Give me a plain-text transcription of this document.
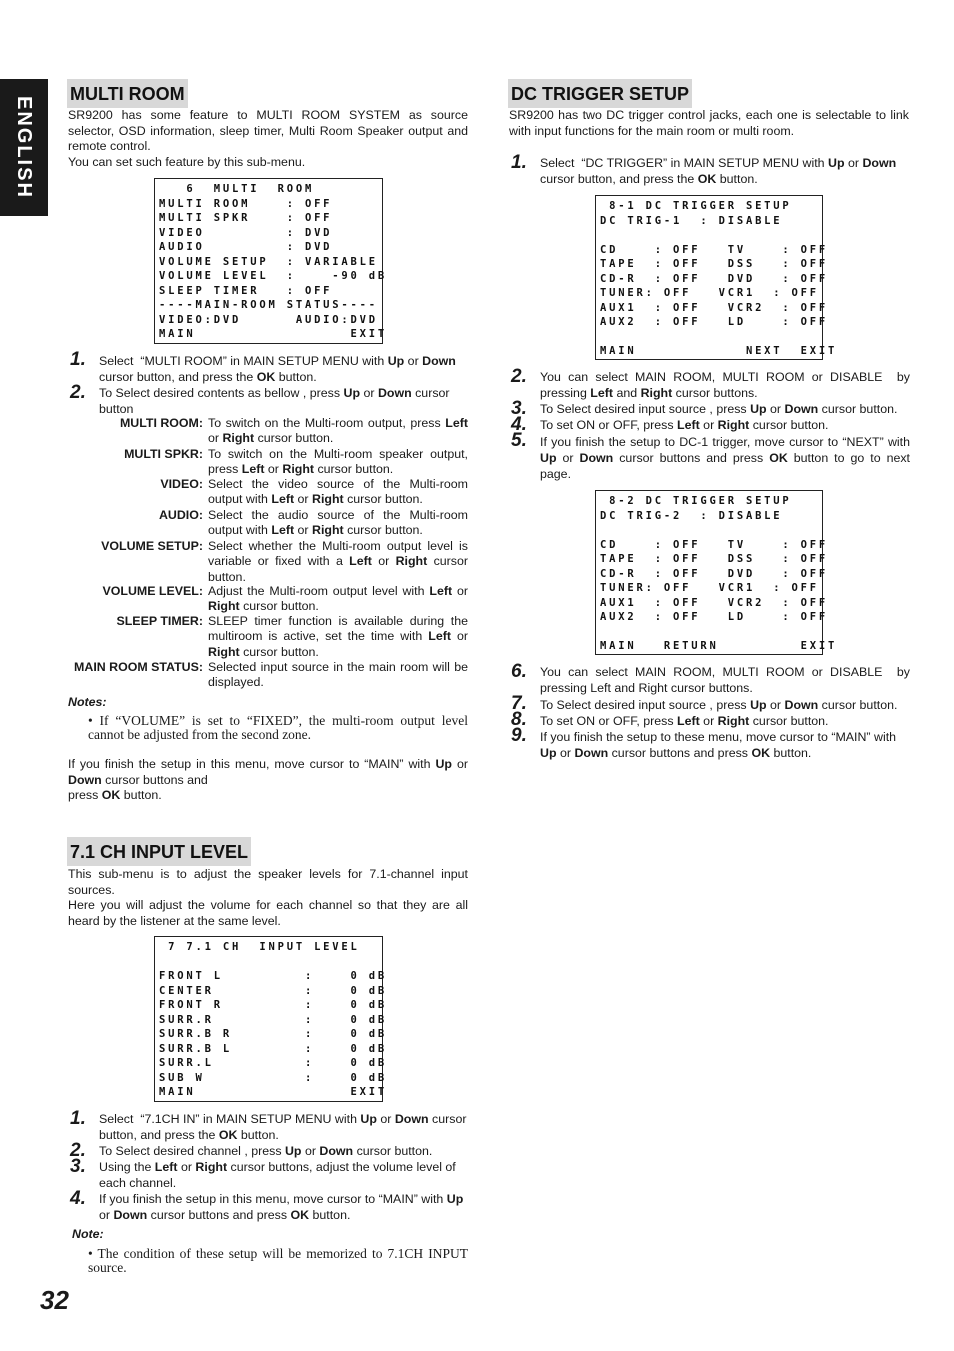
ENGLISH
MULTI ROOM
SR9200 has some feature to MULTI ROOM SYSTEM as source selector, OSD information, sleep timer, Multi Room Speaker output and remote control.
You can set such feature by this sub-menu.
6  MULTI  ROOM
MULTI ROOM    : OFF
MULTI SPKR    : OFF
VIDEO         : DVD
AUDIO         : DVD
VOLUME SETUP  : VARIABLE
VOLUME LEVEL  :    -90 dB
SLEEP TIMER   : OFF
----MAIN-ROOM STATUS----
VIDEO:DVD      AUDIO:DVD
MAIN                 EXIT
1. Select  “MULTI ROOM” in MAIN SETUP MENU with Up or Down cursor button, and press the OK button.
2. To Select desired contents as bellow , press Up or Down cursor button
MULTI ROOM: To switch on the Multi-room output, press Left or Right cursor button.
MULTI SPKR: To switch on the Multi-room speaker output, press Left or Right cursor button.
VIDEO: Select the video source of the Multi-room output with Left or Right cursor button.
AUDIO: Select the audio source of the Multi-room output with Left or Right cursor button.
VOLUME SETUP: Select whether the Multi-room output level is variable or fixed with a Left or Right cursor button.
VOLUME LEVEL: Adjust the Multi-room output level with Left or Right cursor button.
SLEEP TIMER: SLEEP timer function is available during the multiroom is active, set the time with Left or Right cursor button.
MAIN ROOM STATUS: Selected input source in the main room will be displayed.
Notes:
• If “VOLUME” is set to “FIXED”, the multi-room output level cannot be adjusted from the second zone.
If you finish the setup in this menu, move cursor to “MAIN” with Up or Down cursor buttons and
press OK button.
7.1 CH INPUT LEVEL
This sub-menu is to adjust the speaker levels for 7.1-channel input sources.
Here you will adjust the volume for each channel so that they are all heard by the listener at the same level.
7 7.1 CH  INPUT LEVEL
FRONT L         :    0 dB
CENTER          :    0 dB
FRONT R         :    0 dB
SURR.R          :    0 dB
SURR.B R        :    0 dB
SURR.B L        :    0 dB
SURR.L          :    0 dB
SUB W           :    0 dB
MAIN                 EXIT
1. Select  “7.1CH IN” in MAIN SETUP MENU with Up or Down cursor button, and press the OK button.
2. To Select desired channel , press Up or Down cursor button.
3. Using the Left or Right cursor buttons, adjust the volume level of each channel.
4. If you finish the setup in this menu, move cursor to “MAIN” with Up or Down cursor buttons and press OK button.
Note:
• The condition of these setup will be memorized to 7.1CH INPUT source.
32
DC TRIGGER SETUP
SR9200 has two DC trigger control jacks, each one is selectable to link with input functions for the main room or multi room.
1. Select  “DC TRIGGER” in MAIN SETUP MENU with Up or Down cursor button, and press the OK button.
8-1 DC TRIGGER SETUP
DC TRIG-1  : DISABLE
CD    : OFF   TV    : OFF
TAPE  : OFF   DSS   : OFF
CD-R  : OFF   DVD   : OFF
TUNER: OFF   VCR1  : OFF
AUX1  : OFF   VCR2  : OFF
AUX2  : OFF   LD    : OFF
MAIN            NEXT  EXIT
2. You can select MAIN ROOM, MULTI ROOM or DISABLE  by pressing Left and Right cursor buttons.
3. To Select desired input source , press Up or Down cursor button.
4. To set ON or OFF, press Left or Right cursor button.
5. If you finish the setup to DC-1 trigger, move cursor to “NEXT” with Up or Down cursor buttons and press OK button to go to next page.
8-2 DC TRIGGER SETUP
DC TRIG-2  : DISABLE
CD    : OFF   TV    : OFF
TAPE  : OFF   DSS   : OFF
CD-R  : OFF   DVD   : OFF
TUNER: OFF   VCR1  : OFF
AUX1  : OFF   VCR2  : OFF
AUX2  : OFF   LD    : OFF
MAIN   RETURN         EXIT
6. You can select MAIN ROOM, MULTI ROOM or DISABLE  by pressing Left and Right cursor buttons.
7. To Select desired input source , press Up or Down cursor button.
8. To set ON or OFF, press Left or Right cursor button.
9. If you finish the setup to these menu, move cursor to “MAIN” with Up or Down cursor buttons and press OK button.
